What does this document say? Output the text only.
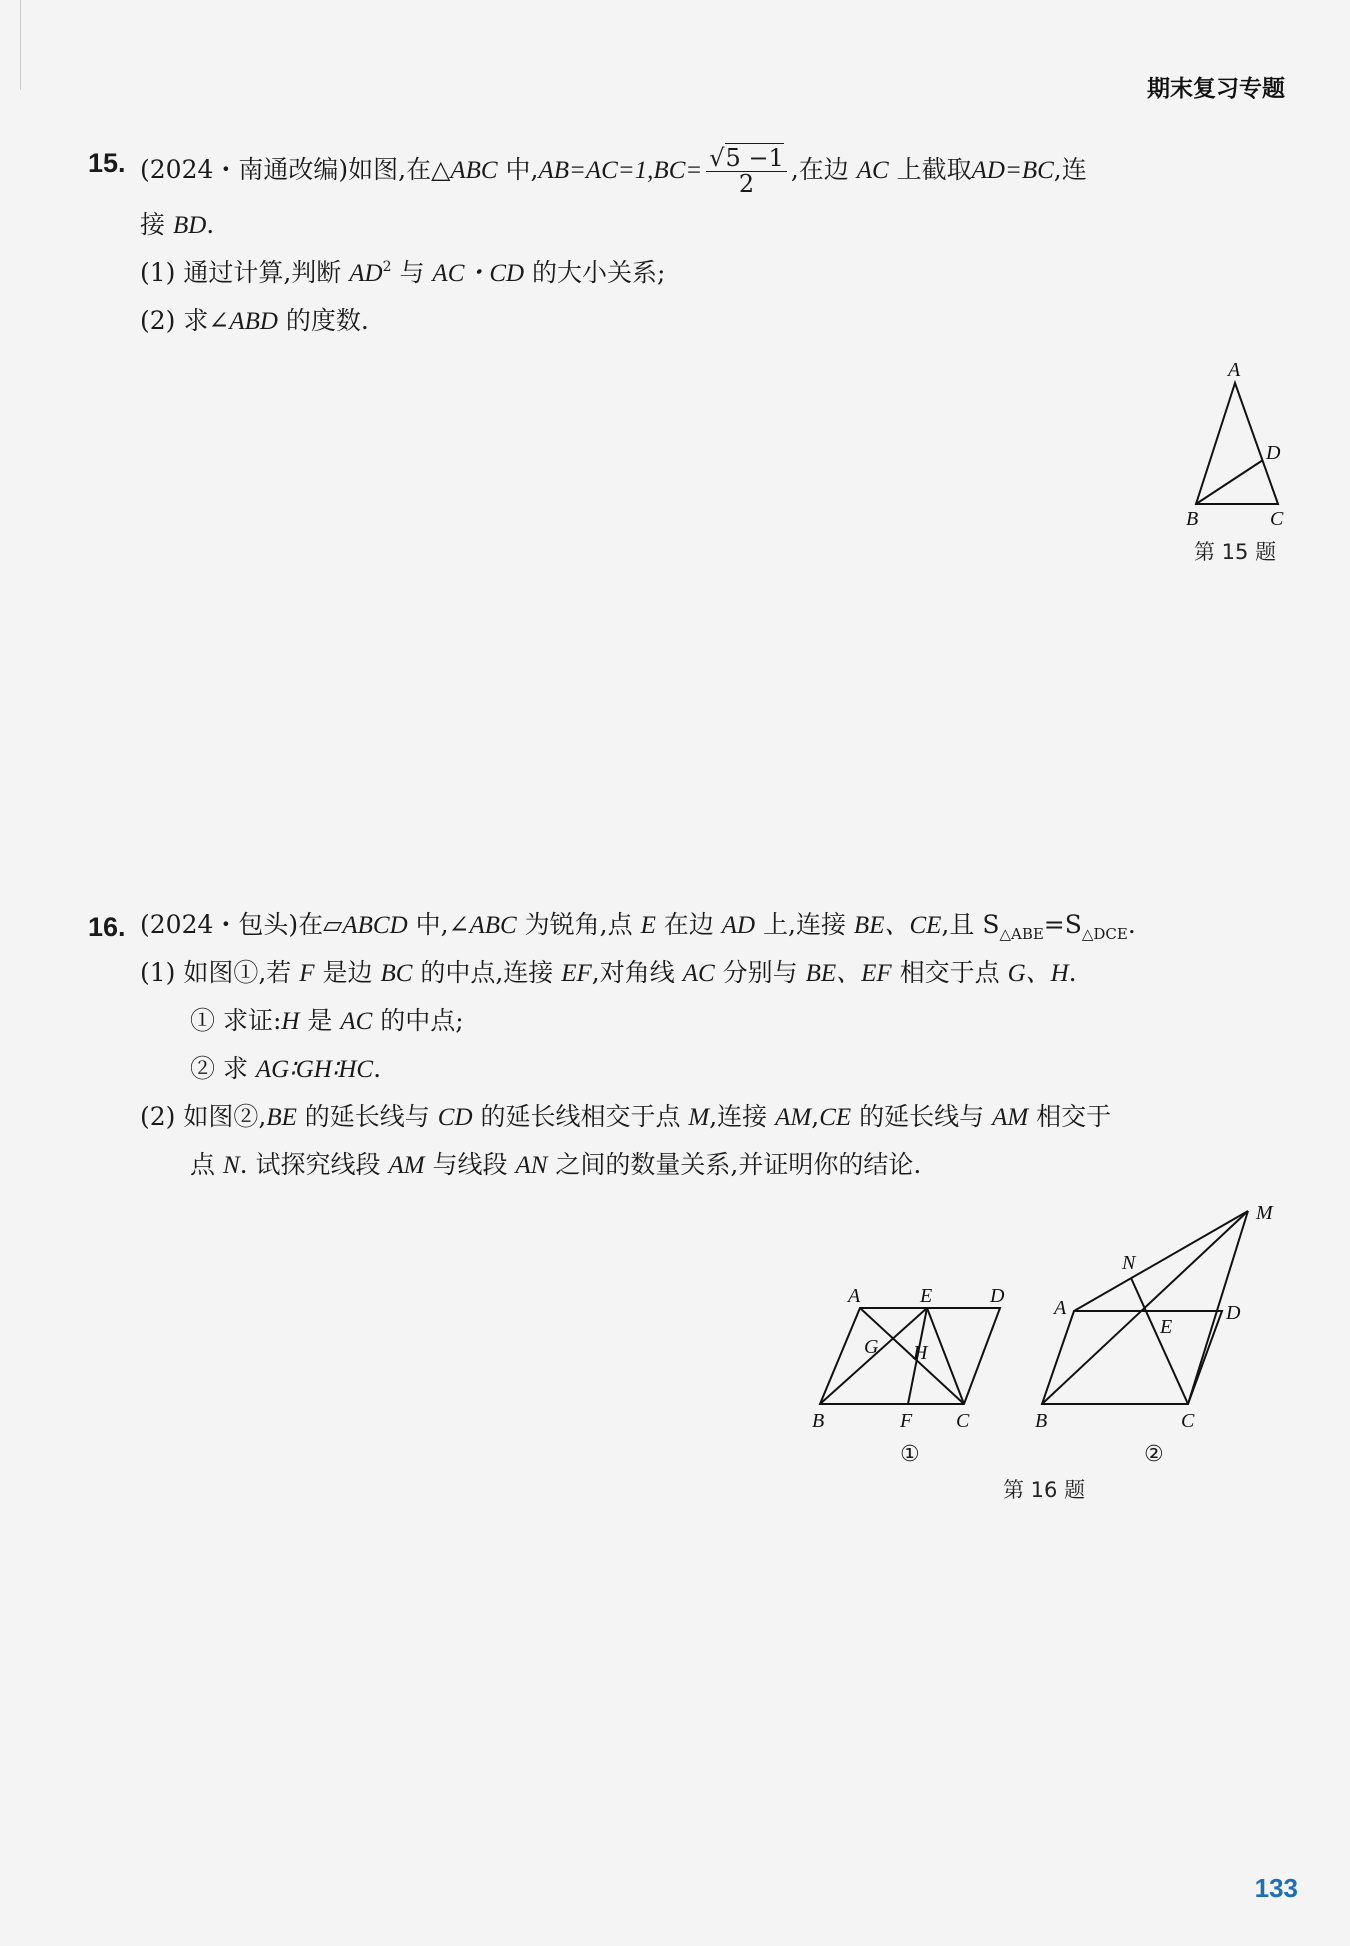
期末复习专题
15. (2024・南通改编)如图,在△ABC 中$,AB=AC=1,BC= \frac{√5 -1}{2}$ ,在边 AC 上截取AD=BC,连
接 BD.
(1) 通过计算,判断 $AD^2$ 与 AC・CD 的大小关系;
(2) 求∠ABD 的度数.
A
D
B	C
第 15 题
16. (2024・包头)在▱ABCD 中,∠ABC 为锐角,点 E 在边 AD 上,连接 BE、CE,且 $S_{\triangle ABE}=S_{\triangle DCE}$.
(1) 如图①,若 F 是边 BC 的中点,连接 EF,对角线 AC 分别与 BE、EF 相交于点 G、H.
① 求证:H 是 AC 的中点;
② 求 AG∶GH∶HC.
(2) 如图②,BE 的延长线与 CD 的延长线相交于点 M,连接 AM,CE 的延长线与 AM 相交于
点 N. 试探究线段 AM 与线段 AN 之间的数量关系,并证明你的结论.
A	E	D
G H
B	F C
①
M
N
A
E
D
B	C
②
第 16 题
133
